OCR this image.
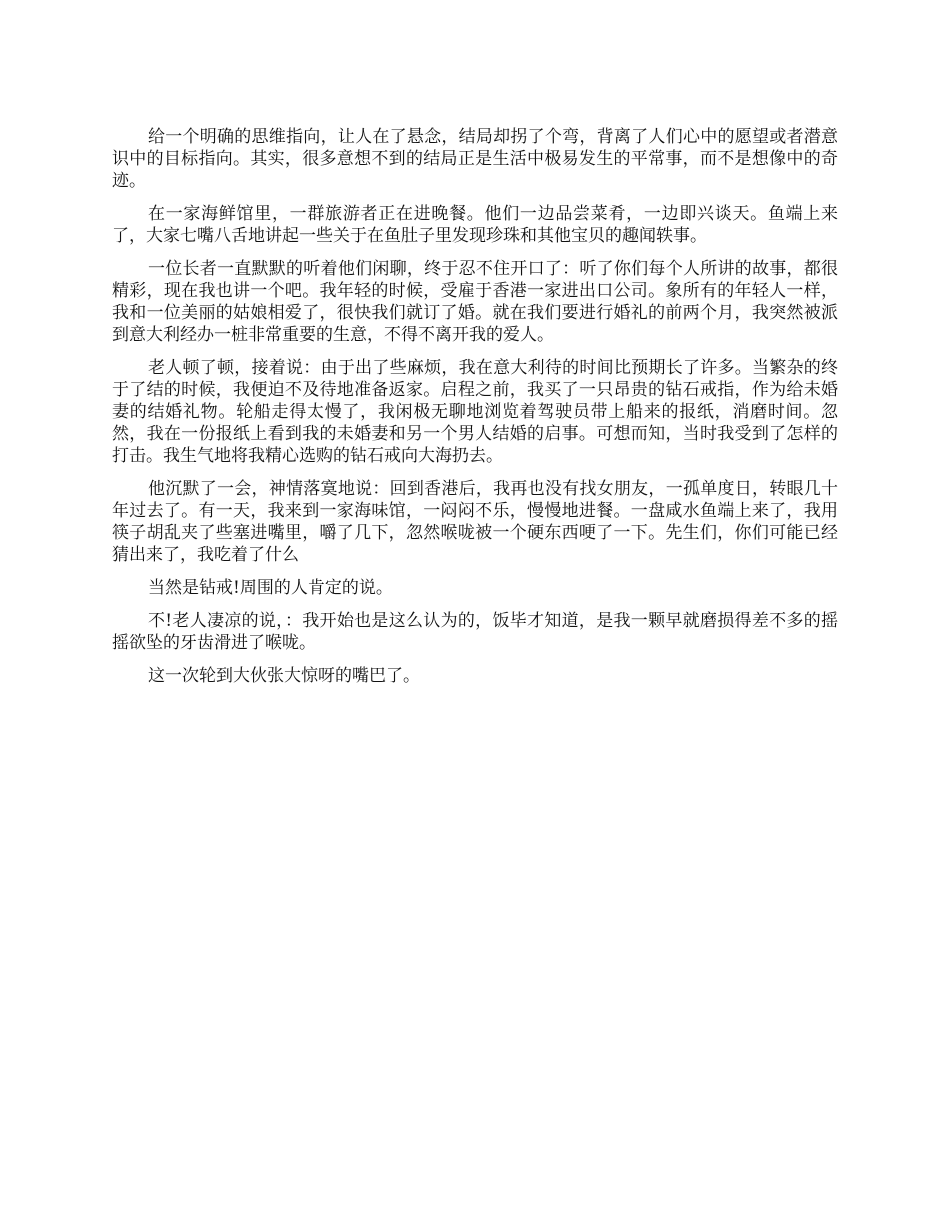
给一个明确的思维指向，让人在了悬念，结局却拐了个弯，背离了人们心中的愿望或者潜意识中的目标指向。其实，很多意想不到的结局正是生活中极易发生的平常事，而不是想像中的奇迹。

在一家海鲜馆里，一群旅游者正在进晚餐。他们一边品尝菜肴，一边即兴谈天。鱼端上来了，大家七嘴八舌地讲起一些关于在鱼肚子里发现珍珠和其他宝贝的趣闻轶事。

一位长者一直默默的听着他们闲聊，终于忍不住开口了：听了你们每个人所讲的故事，都很精彩，现在我也讲一个吧。我年轻的时候，受雇于香港一家进出口公司。象所有的年轻人一样，我和一位美丽的姑娘相爱了，很快我们就订了婚。就在我们要进行婚礼的前两个月，我突然被派到意大利经办一桩非常重要的生意，不得不离开我的爱人。

老人顿了顿，接着说：由于出了些麻烦，我在意大利待的时间比预期长了许多。当繁杂的终于了结的时候，我便迫不及待地准备返家。启程之前，我买了一只昂贵的钻石戒指，作为给未婚妻的结婚礼物。轮船走得太慢了，我闲极无聊地浏览着驾驶员带上船来的报纸，消磨时间。忽然，我在一份报纸上看到我的未婚妻和另一个男人结婚的启事。可想而知，当时我受到了怎样的打击。我生气地将我精心选购的钻石戒向大海扔去。

他沉默了一会，神情落寞地说：回到香港后，我再也没有找女朋友，一孤单度日，转眼几十年过去了。有一天，我来到一家海味馆，一闷闷不乐，慢慢地进餐。一盘咸水鱼端上来了，我用筷子胡乱夹了些塞进嘴里，嚼了几下，忽然喉咙被一个硬东西哽了一下。先生们，你们可能已经猜出来了，我吃着了什么

当然是钻戒!周围的人肯定的说。

不!老人凄凉的说，：我开始也是这么认为的，饭毕才知道，是我一颗早就磨损得差不多的摇摇欲坠的牙齿滑进了喉咙。

这一次轮到大伙张大惊呀的嘴巴了。
